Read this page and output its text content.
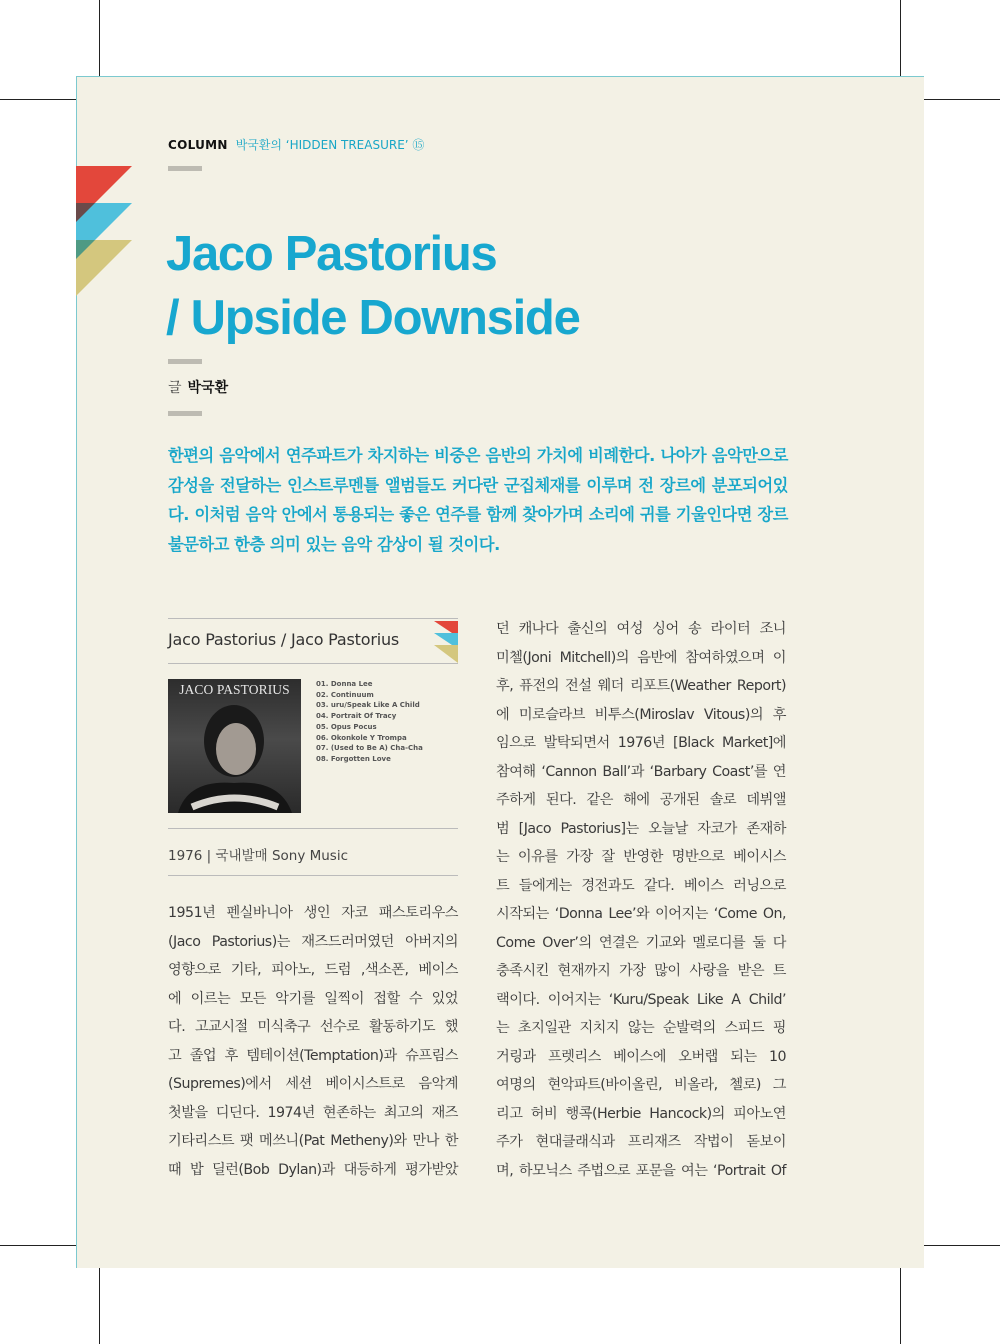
COLUMN 박국환의 ‘HIDDEN TREASURE’ ⑮
Jaco Pastorius
/ Upside Downside
글 박국환
한편의 음악에서 연주파트가 차지하는 비중은 음반의 가치에 비례한다. 나아가 음악만으로 감성을 전달하는 인스트루멘틀 앨범들도 커다란 군집체재를 이루며 전 장르에 분포되어있다. 이처럼 음악 안에서 통용되는 좋은 연주를 함께 찾아가며 소리에 귀를 기울인다면 장르불문하고 한층 의미 있는 음악 감상이 될 것이다.
Jaco Pastorius / Jaco Pastorius
JACO PASTORIUS	01. Donna Lee
02. Continuum
03. uru/Speak Like A Child
04. Portrait Of Tracy
05. Opus Pocus
06. Okonkole Y Trompa
07. (Used to Be A) Cha-Cha
08. Forgotten Love
1976 | 국내발매 Sony Music
1951년 펜실바니아 생인 자코 패스토리우스
(Jaco Pastorius)는 재즈드러머였던 아버지의
영향으로 기타, 피아노, 드럼 ,색소폰, 베이스
에 이르는 모든 악기를 일찍이 접할 수 있었
다. 고교시절 미식축구 선수로 활동하기도 했
고 졸업 후 템테이션(Temptation)과 슈프림스
(Supremes)에서 세션 베이시스트로 음악계
첫발을 디딘다. 1974년 현존하는 최고의 재즈
기타리스트 팻 메쓰니(Pat Metheny)와 만나 한
때 밥 딜런(Bob Dylan)과 대등하게 평가받았
던 캐나다 출신의 여성 싱어 송 라이터 조니
미첼(Joni Mitchell)의 음반에 참여하였으며 이
후, 퓨전의 전설 웨더 리포트(Weather Report)
에 미로슬라브 비투스(Miroslav Vitous)의 후
임으로 발탁되면서 1976년 [Black Market]에
참여해 ‘Cannon Ball’과 ‘Barbary Coast’를 연
주하게 된다. 같은 해에 공개된 솔로 데뷔앨
범 [Jaco Pastorius]는 오늘날 자코가 존재하
는 이유를 가장 잘 반영한 명반으로 베이시스
트 들에게는 경전과도 같다. 베이스 러닝으로
시작되는 ‘Donna Lee’와 이어지는 ‘Come On,
Come Over’의 연결은 기교와 멜로디를 둘 다
충족시킨 현재까지 가장 많이 사랑을 받은 트
랙이다. 이어지는 ‘Kuru/Speak Like A Child’
는 초지일관 지치지 않는 순발력의 스피드 핑
거링과 프렛리스 베이스에 오버랩 되는 10
여명의 현악파트(바이올린, 비올라, 첼로) 그
리고 허비 행콕(Herbie Hancock)의 피아노연
주가 현대클래식과 프리재즈 작법이 돋보이
며, 하모닉스 주법으로 포문을 여는 ‘Portrait Of
